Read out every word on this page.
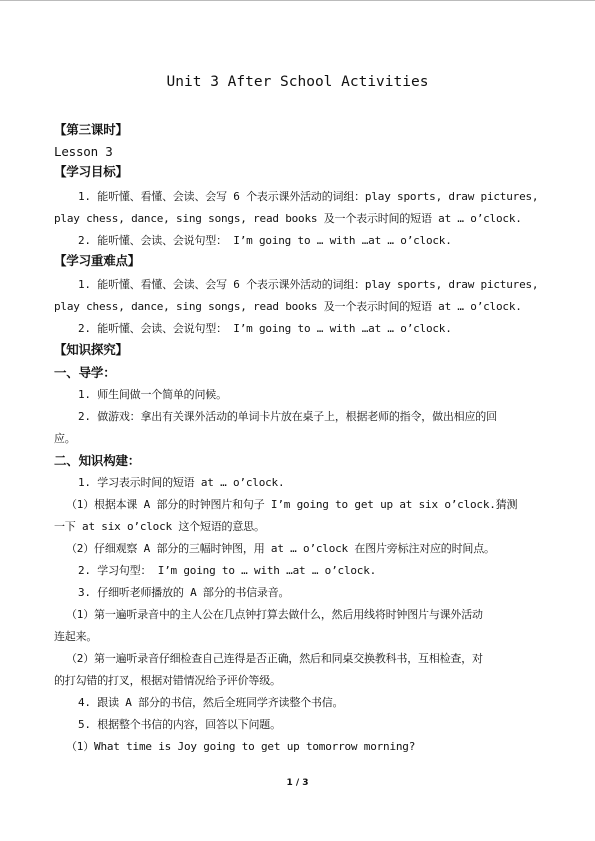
Unit 3 After School Activities
【第三课时】
Lesson 3
【学习目标】
1. 能听懂、看懂、会读、会写 6 个表示课外活动的词组：play sports, draw pictures,
play chess, dance, sing songs, read books 及一个表示时间的短语 at … o’clock.
2. 能听懂、会读、会说句型： I’m going to … with …at … o’clock.
【学习重难点】
1. 能听懂、看懂、会读、会写 6 个表示课外活动的词组：play sports, draw pictures,
play chess, dance, sing songs, read books 及一个表示时间的短语 at … o’clock.
2. 能听懂、会读、会说句型： I’m going to … with …at … o’clock.
【知识探究】
一、导学：
1. 师生间做一个简单的问候。
2. 做游戏：拿出有关课外活动的单词卡片放在桌子上，根据老师的指令，做出相应的回
应。
二、知识构建：
1. 学习表示时间的短语 at … o’clock.
（1）根据本课 A 部分的时钟图片和句子 I’m going to get up at six o’clock.猜测
一下 at six o’clock 这个短语的意思。
（2）仔细观察 A 部分的三幅时钟图，用 at … o’clock 在图片旁标注对应的时间点。
2. 学习句型： I’m going to … with …at … o’clock.
3. 仔细听老师播放的 A 部分的书信录音。
（1）第一遍听录音中的主人公在几点钟打算去做什么，然后用线将时钟图片与课外活动
连起来。
（2）第一遍听录音仔细检查自己连得是否正确，然后和同桌交换教科书，互相检查，对
的打勾错的打叉，根据对错情况给予评价等级。
4. 跟读 A 部分的书信，然后全班同学齐读整个书信。
5. 根据整个书信的内容，回答以下问题。
（1）What time is Joy going to get up tomorrow morning?
1 / 3
